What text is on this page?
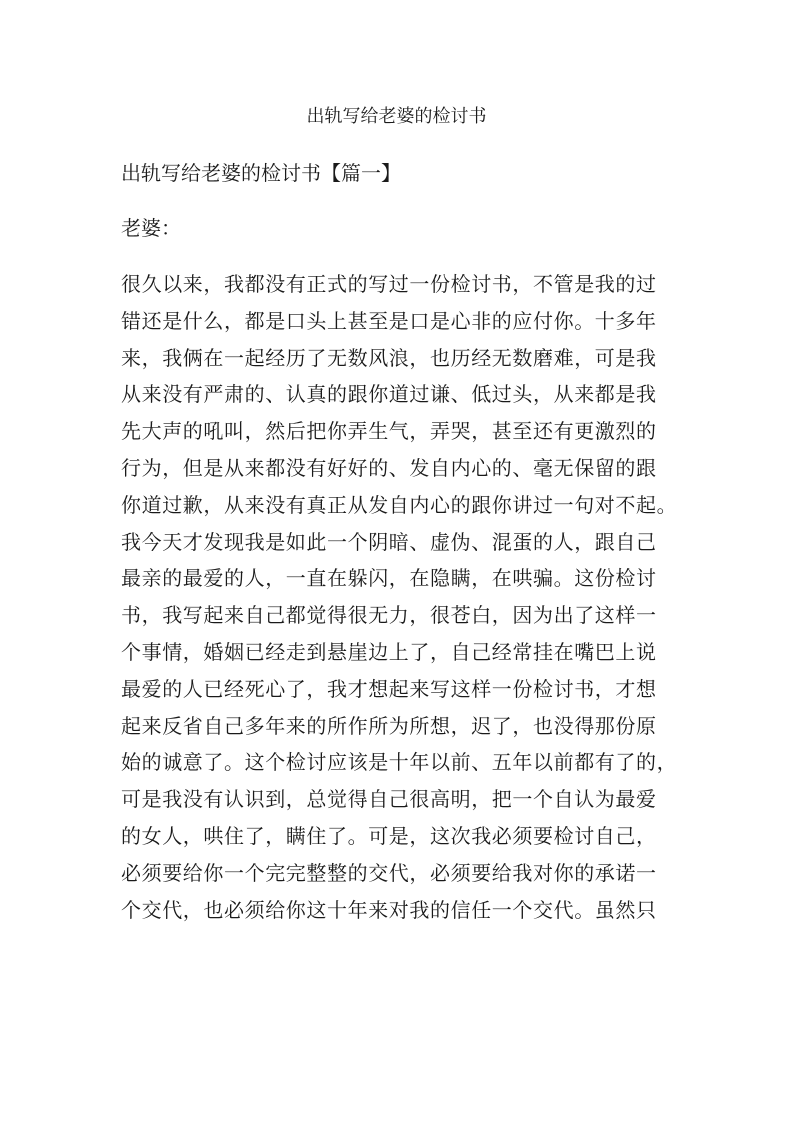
出轨写给老婆的检讨书
出轨写给老婆的检讨书【篇一】
老婆：
很久以来，我都没有正式的写过一份检讨书，不管是我的过
错还是什么，都是口头上甚至是口是心非的应付你。十多年
来，我俩在一起经历了无数风浪，也历经无数磨难，可是我
从来没有严肃的、认真的跟你道过谦、低过头，从来都是我
先大声的吼叫，然后把你弄生气，弄哭，甚至还有更激烈的
行为，但是从来都没有好好的、发自内心的、毫无保留的跟
你道过歉，从来没有真正从发自内心的跟你讲过一句对不起。
我今天才发现我是如此一个阴暗、虚伪、混蛋的人，跟自己
最亲的最爱的人，一直在躲闪，在隐瞒，在哄骗。这份检讨
书，我写起来自己都觉得很无力，很苍白，因为出了这样一
个事情，婚姻已经走到悬崖边上了，自己经常挂在嘴巴上说
最爱的人已经死心了，我才想起来写这样一份检讨书，才想
起来反省自己多年来的所作所为所想，迟了，也没得那份原
始的诚意了。这个检讨应该是十年以前、五年以前都有了的，
可是我没有认识到，总觉得自己很高明，把一个自认为最爱
的女人，哄住了，瞒住了。可是，这次我必须要检讨自己，
必须要给你一个完完整整的交代，必须要给我对你的承诺一
个交代，也必须给你这十年来对我的信任一个交代。虽然只
